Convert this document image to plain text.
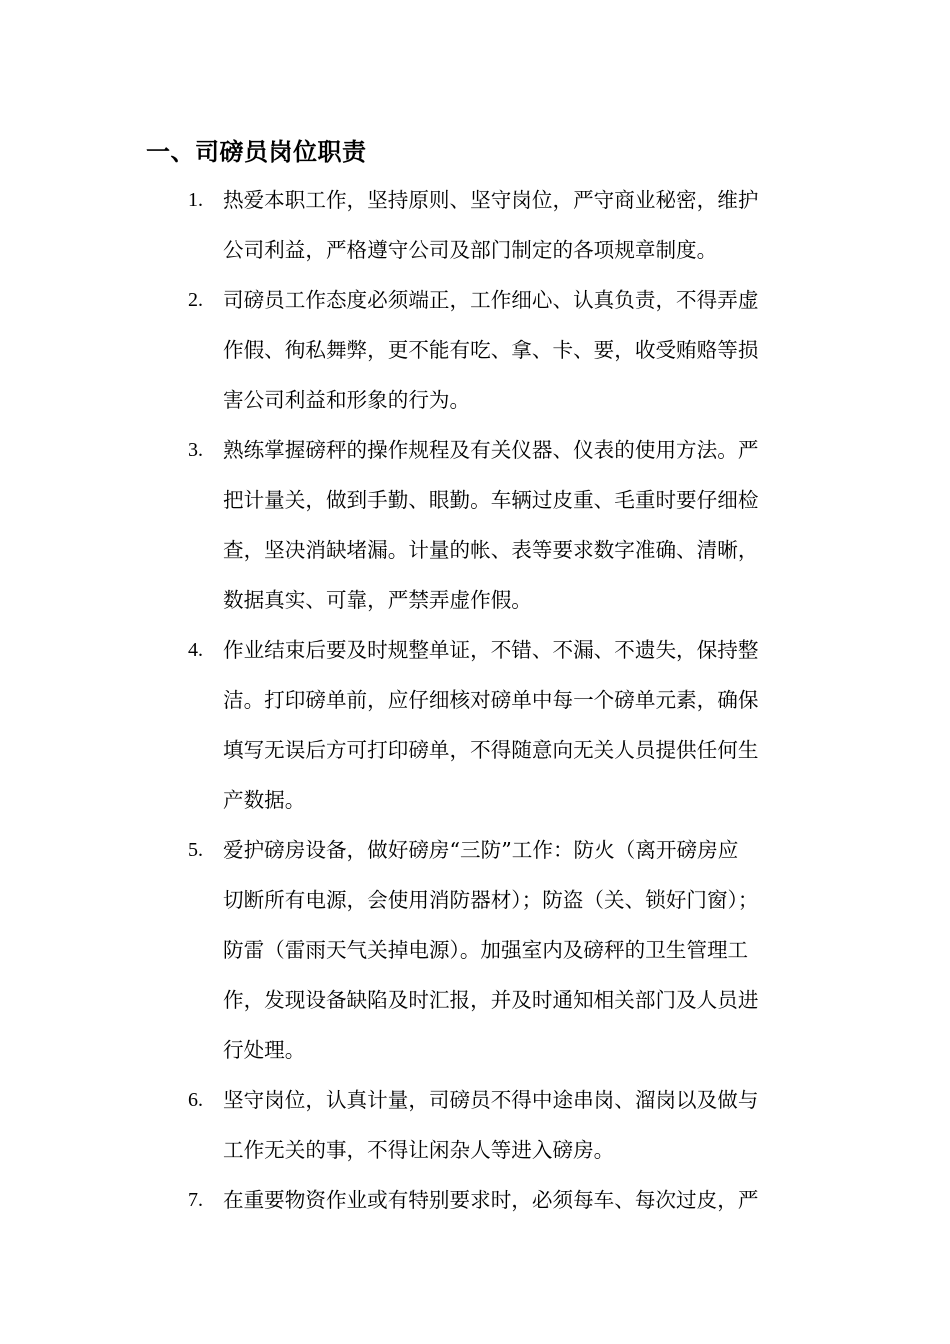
一、司磅员岗位职责
1. 热爱本职工作，坚持原则、坚守岗位，严守商业秘密，维护
公司利益，严格遵守公司及部门制定的各项规章制度。
2. 司磅员工作态度必须端正，工作细心、认真负责，不得弄虚
作假、徇私舞弊，更不能有吃、拿、卡、要，收受贿赂等损
害公司利益和形象的行为。
3. 熟练掌握磅秤的操作规程及有关仪器、仪表的使用方法。严
把计量关，做到手勤、眼勤。车辆过皮重、毛重时要仔细检
查，坚决消缺堵漏。计量的帐、表等要求数字准确、清晰，
数据真实、可靠，严禁弄虚作假。
4. 作业结束后要及时规整单证，不错、不漏、不遗失，保持整
洁。打印磅单前，应仔细核对磅单中每一个磅单元素，确保
填写无误后方可打印磅单，不得随意向无关人员提供任何生
产数据。
5. 爱护磅房设备，做好磅房“三防”工作：防火（离开磅房应
切断所有电源，会使用消防器材）；防盗（关、锁好门窗）；
防雷（雷雨天气关掉电源）。加强室内及磅秤的卫生管理工
作，发现设备缺陷及时汇报，并及时通知相关部门及人员进
行处理。
6. 坚守岗位，认真计量，司磅员不得中途串岗、溜岗以及做与
工作无关的事，不得让闲杂人等进入磅房。
7. 在重要物资作业或有特别要求时，必须每车、每次过皮，严
